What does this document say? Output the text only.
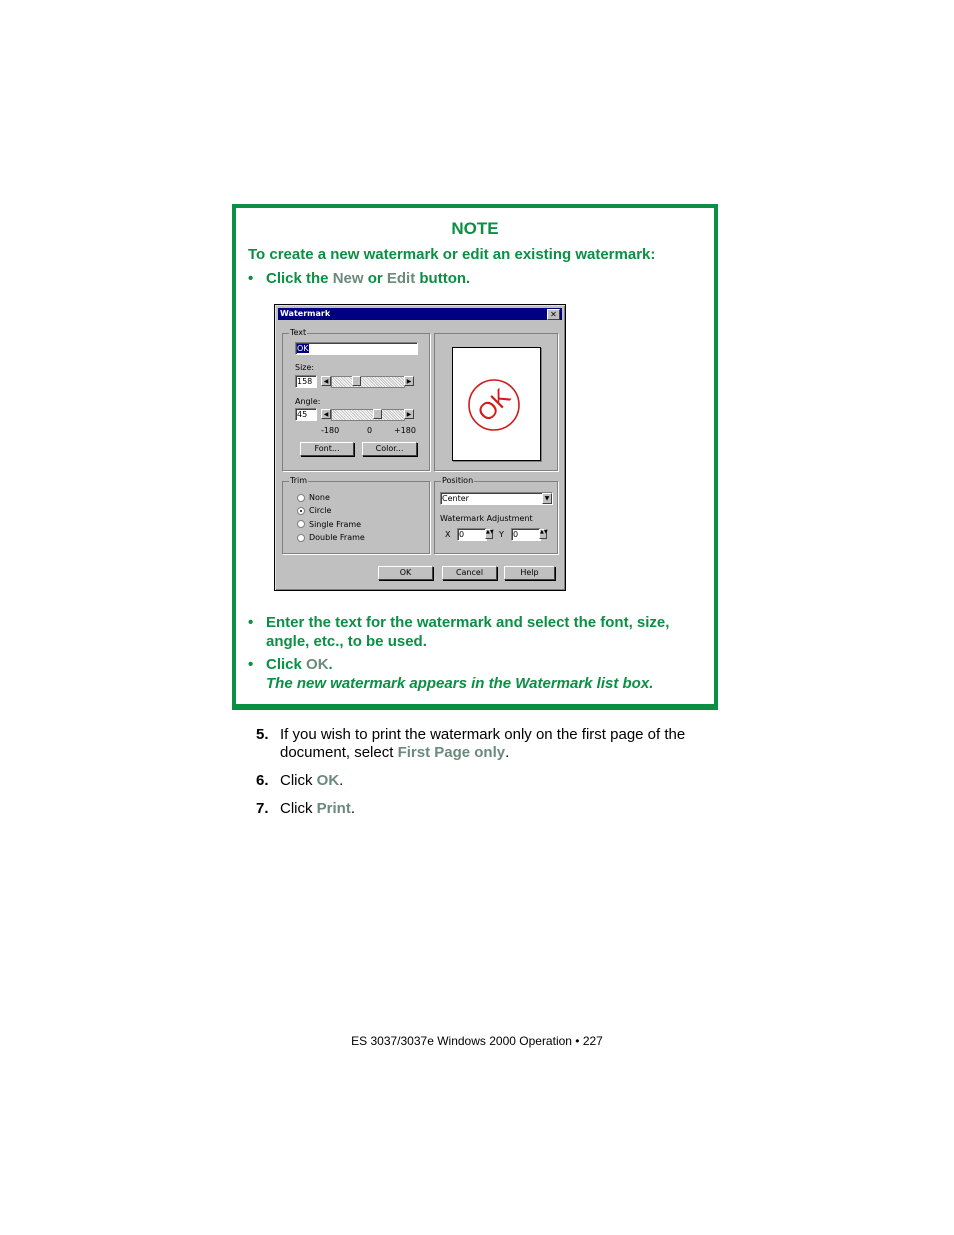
NOTE
To create a new watermark or edit an existing watermark:
• Click the New or Edit button.
Watermark	✕
Text
OK
Size:
158	◀	▶
Angle:
45	◀	▶
-180	0	+180
Font...	Color...
OK
Trim
None
Circle
Single Frame
Double Frame
Position
Center	▼
Watermark Adjustment
X 0	▲▼ Y 0	▲▼
OK	Cancel	Help
• Enter the text for the watermark and select the font, size,
angle, etc., to be used.
• Click OK.
The new watermark appears in the Watermark list box.
5. If you wish to print the watermark only on the first page of the
document, select First Page only.
6. Click OK.
7. Click Print.
ES 3037/3037e Windows 2000 Operation • 227
